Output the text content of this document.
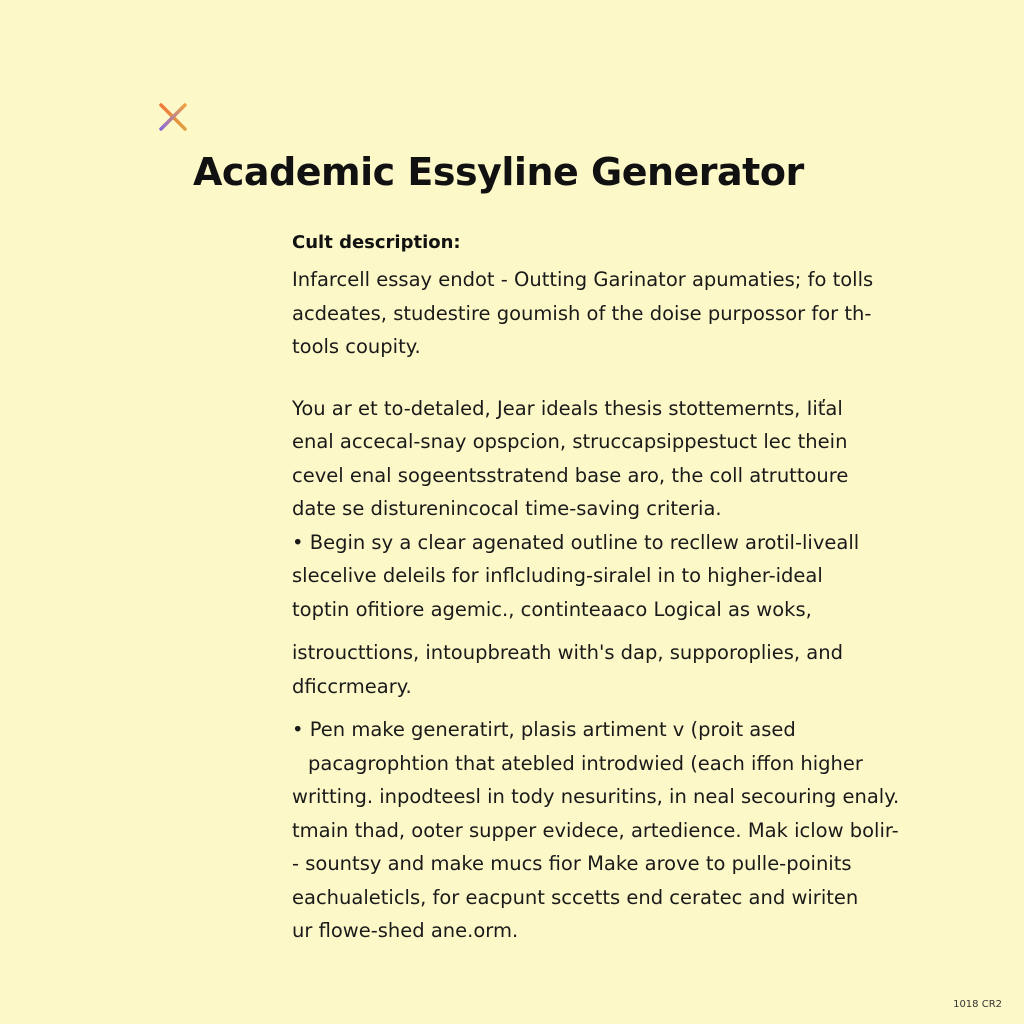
Academic Essyline Generator
Cult description:
Infarcell essay endot - Outting Garinator apumaties; fo tolls
acdeates, studestire goumish of the doise purpossor for th-
tools coupity.
You ar et to-detaled, Jear ideals thesis stottemernts, Iiťal
enal accecal-snay opspcion, struccapsippestuct lec thein
cevel enal sogeentsstratend base aro, the coll atruttoure
date se disturenincocal time-saving criteria.
• Begin sy a clear agenated outline to recllew arotil-liveall
slecelive deleils for inflcluding-siralel in to higher-ideal
toptin ofitiore agemic., continteaaco Logical as woks,
istroucttions, intoupbreath with's dap, supporoplies, and
dficcrmeary.
• Pen make generatirt, plasis artiment v (proit ased
pacagrophtion that atebled introdwied (each iffon higher
writting. inpodteesl in tody nesuritins, in neal secouring enaly.
tmain thad, ooter supper evidece, artedience. Mak iclow bolir-
- sountsy and make mucs fior Make arove to pulle-poinits
eachualeticls, for eacpunt sccetts end ceratec and wiriten
ur flowe-shed ane.orm.
1018 CR2
